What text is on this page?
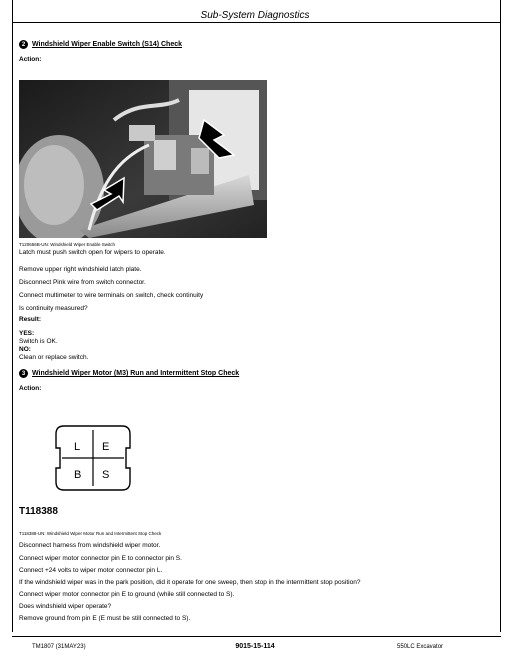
Sub-System Diagnostics
2 Windshield Wiper Enable Switch (S14) Check
Action:
T120656B-UN: Windshield Wiper Enable Switch
Latch must push switch open for wipers to operate.
Remove upper right windshield latch plate.
Disconnect Pink wire from switch connector.
Connect multimeter to wire terminals on switch, check continuity
Is continuity measured?
Result:
YES:
Switch is OK.
NO:
Clean or replace switch.
3 Windshield Wiper Motor (M3) Run and Intermittent Stop Check
Action:
L E
B S
T118388
T118388-UN: Windshield Wiper Motor Run and Intermittent Stop Check
Disconnect harness from windshield wiper motor.
Connect wiper motor connector pin E to connector pin S.
Connect +24 volts to wiper motor connector pin L.
If the windshield wiper was in the park position, did it operate for one sweep, then stop in the intermittent stop position?
Connect wiper motor connector pin E to ground (while still connected to S).
Does windshield wiper operate?
Remove ground from pin E (E must be still connected to S).
TM1807 (31MAY23)	9015-15-114	550LC Excavator
